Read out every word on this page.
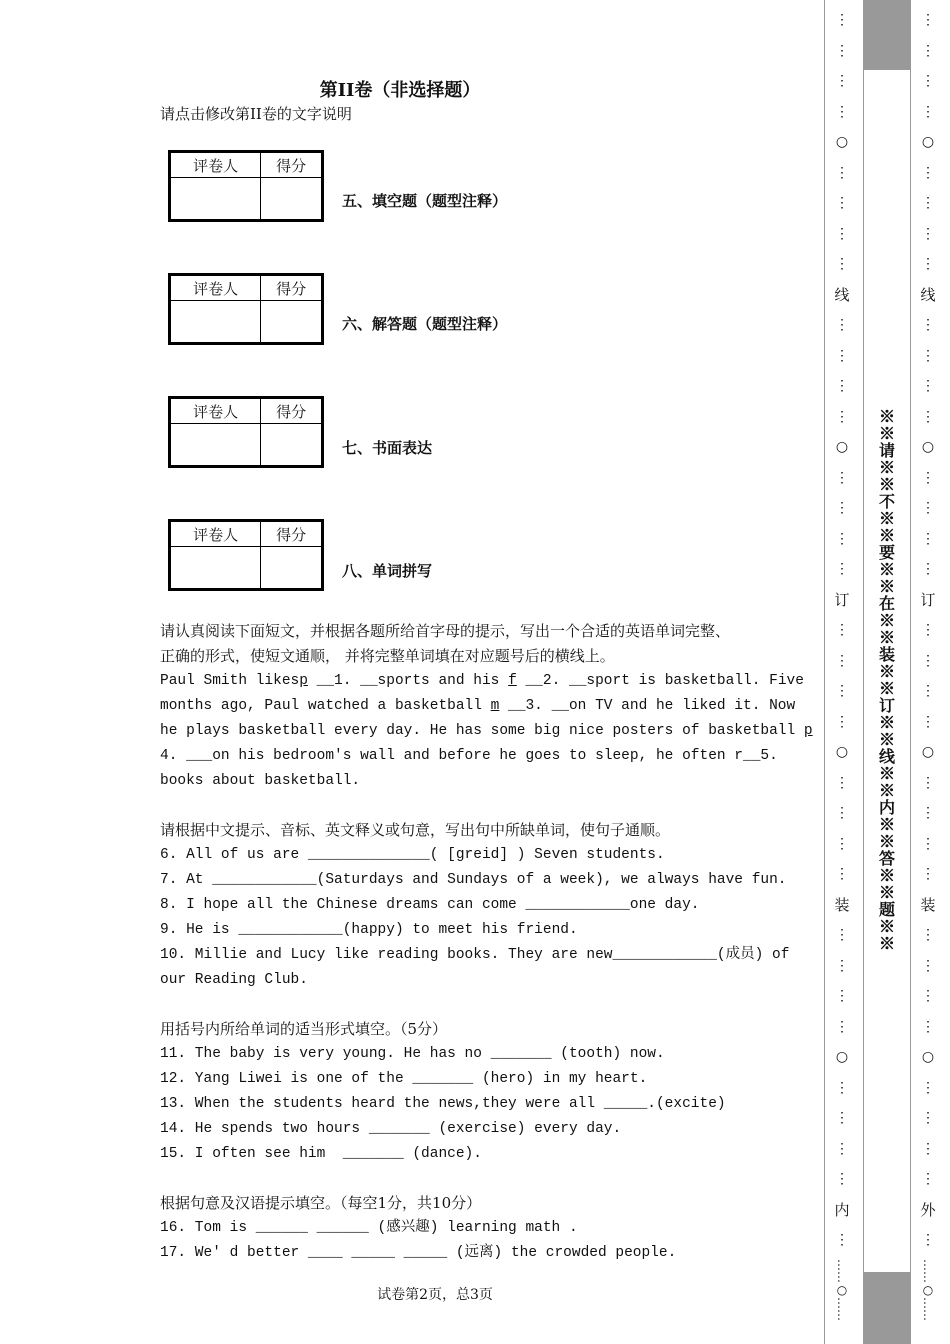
第II卷（非选择题）
请点击修改第II卷的文字说明
评卷人	得分

五、填空题（题型注释）
评卷人	得分

六、解答题（题型注释）
评卷人	得分

七、书面表达
评卷人	得分

八、单词拼写
请认真阅读下面短文，并根据各题所给首字母的提示，写出一个合适的英语单词完整、
正确的形式，使短文通顺， 并将完整单词填在对应题号后的横线上。
Paul Smith likesp __1. __sports and his f __2. __sport is basketball. Five
months ago, Paul watched a basketball m __3. __on TV and he liked it. Now
he plays basketball every day. He has some big nice posters of basketball p
4. ___on his bedroom's wall and before he goes to sleep, he often r__5.
books about basketball.
请根据中文提示、音标、英文释义或句意，写出句中所缺单词，使句子通顺。
6. All of us are ______________( [greid] ) Seven students.
7. At ____________(Saturdays and Sundays of a week), we always have fun.
8. I hope all the Chinese dreams can come ____________one day.
9. He is ____________(happy) to meet his friend.
10. Millie and Lucy like reading books. They are new____________(成员) of
our Reading Club.
用括号内所给单词的适当形式填空。（5分）
11. The baby is very young. He has no _______ (tooth) now.
12. Yang Liwei is one of the _______ (hero) in my heart.
13. When the students heard the news,they were all _____.(excite)
14. He spends two hours _______ (exercise) every day.
15. I often see him  _______ (dance).
根据句意及汉语提示填空。（每空1分，共10分）
16. Tom is ______ ______ (感兴趣) learning math .
17. We' d better ____ _____ _____ (远离) the crowded people.
试卷第2页，总3页
※※请※※不※※要※※在※※装※※订※※线※※内※※答※※题※※
⋮
⋮
⋮
⋮
⋮
⋮
⋮
⋮
⋮
⋮
⋮
⋮
⋮
⋮
⋮
⋮
⋮
⋮
⋮
⋮
⋮
⋮
⋮
⋮
⋮
⋮
⋮
⋮
⋮
⋮
⋮
⋮
⋮
○
○
○
○
线
订
装
内
……○……
⋮
⋮
⋮
⋮
⋮
⋮
⋮
⋮
⋮
⋮
⋮
⋮
⋮
⋮
⋮
⋮
⋮
⋮
⋮
⋮
⋮
⋮
⋮
⋮
⋮
⋮
⋮
⋮
⋮
⋮
⋮
⋮
⋮
○
○
○
○
线
订
装
外
……○……
